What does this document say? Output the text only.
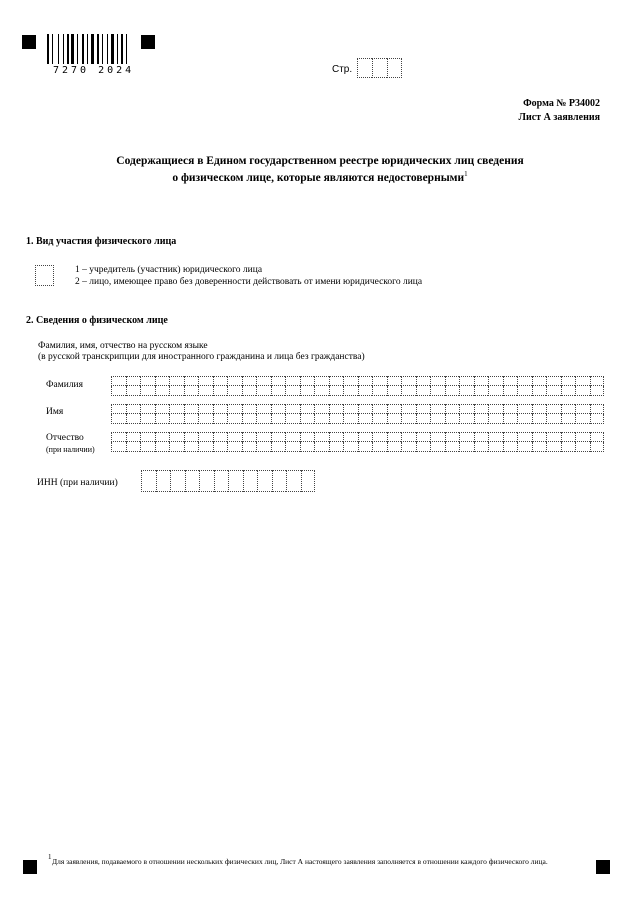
7270 2024	Стр.
Форма № Р34002
Лист А заявления
Содержащиеся в Едином государственном реестре юридических лиц сведения
о физическом лице, которые являются недостоверными$^1$
1. Вид участия физического лица
1 – учредитель (участник) юридического лица
2 – лицо, имеющее право без доверенности действовать от имени юридического лица
2. Сведения о физическом лице
Фамилия, имя, отчество на русском языке
(в русской транскрипции для иностранного гражданина и лица без гражданства)
Фамилия
Имя
Отчество
(при наличии)
ИНН (при наличии)
1 Для заявления, подаваемого в отношении нескольких физических лиц, Лист А настоящего заявления заполняется в отношении каждого физического лица.
